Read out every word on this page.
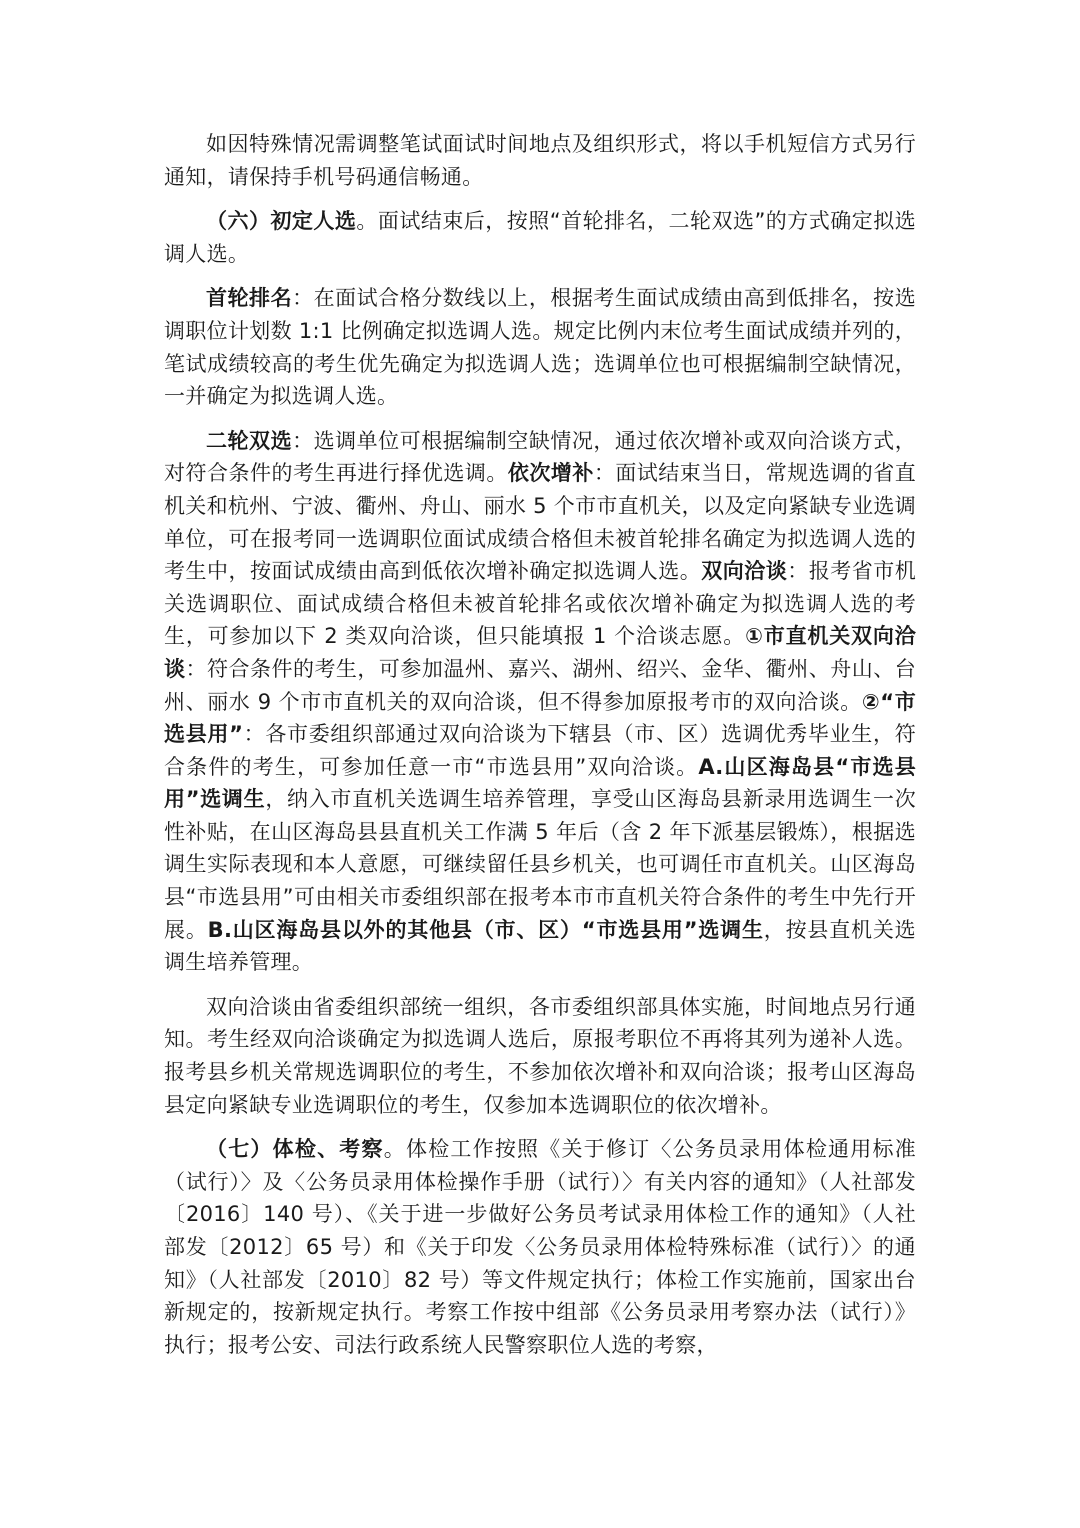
如因特殊情况需调整笔试面试时间地点及组织形式，将以手机短信方式另行通知，请保持手机号码通信畅通。

（六）初定人选。面试结束后，按照“首轮排名，二轮双选”的方式确定拟选调人选。

首轮排名：在面试合格分数线以上，根据考生面试成绩由高到低排名，按选调职位计划数 1:1 比例确定拟选调人选。规定比例内末位考生面试成绩并列的，笔试成绩较高的考生优先确定为拟选调人选；选调单位也可根据编制空缺情况，一并确定为拟选调人选。

二轮双选：选调单位可根据编制空缺情况，通过依次增补或双向洽谈方式，对符合条件的考生再进行择优选调。依次增补：面试结束当日，常规选调的省直机关和杭州、宁波、衢州、舟山、丽水 5 个市市直机关，以及定向紧缺专业选调单位，可在报考同一选调职位面试成绩合格但未被首轮排名确定为拟选调人选的考生中，按面试成绩由高到低依次增补确定拟选调人选。双向洽谈：报考省市机关选调职位、面试成绩合格但未被首轮排名或依次增补确定为拟选调人选的考生，可参加以下 2 类双向洽谈，但只能填报 1 个洽谈志愿。①市直机关双向洽谈：符合条件的考生，可参加温州、嘉兴、湖州、绍兴、金华、衢州、舟山、台州、丽水 9 个市市直机关的双向洽谈，但不得参加原报考市的双向洽谈。②“市选县用”：各市委组织部通过双向洽谈为下辖县（市、区）选调优秀毕业生，符合条件的考生，可参加任意一市“市选县用”双向洽谈。A.山区海岛县“市选县用”选调生，纳入市直机关选调生培养管理，享受山区海岛县新录用选调生一次性补贴，在山区海岛县县直机关工作满 5 年后（含 2 年下派基层锻炼），根据选调生实际表现和本人意愿，可继续留任县乡机关，也可调任市直机关。山区海岛县“市选县用”可由相关市委组织部在报考本市市直机关符合条件的考生中先行开展。B.山区海岛县以外的其他县（市、区）“市选县用”选调生，按县直机关选调生培养管理。

双向洽谈由省委组织部统一组织，各市委组织部具体实施，时间地点另行通知。考生经双向洽谈确定为拟选调人选后，原报考职位不再将其列为递补人选。报考县乡机关常规选调职位的考生，不参加依次增补和双向洽谈；报考山区海岛县定向紧缺专业选调职位的考生，仅参加本选调职位的依次增补。

（七）体检、考察。体检工作按照《关于修订〈公务员录用体检通用标准（试行）〉及〈公务员录用体检操作手册（试行）〉有关内容的通知》（人社部发〔2016〕140 号）、《关于进一步做好公务员考试录用体检工作的通知》（人社部发〔2012〕65 号）和《关于印发〈公务员录用体检特殊标准（试行）〉的通知》（人社部发〔2010〕82 号）等文件规定执行；体检工作实施前，国家出台新规定的，按新规定执行。考察工作按中组部《公务员录用考察办法（试行）》执行；报考公安、司法行政系统人民警察职位人选的考察，
